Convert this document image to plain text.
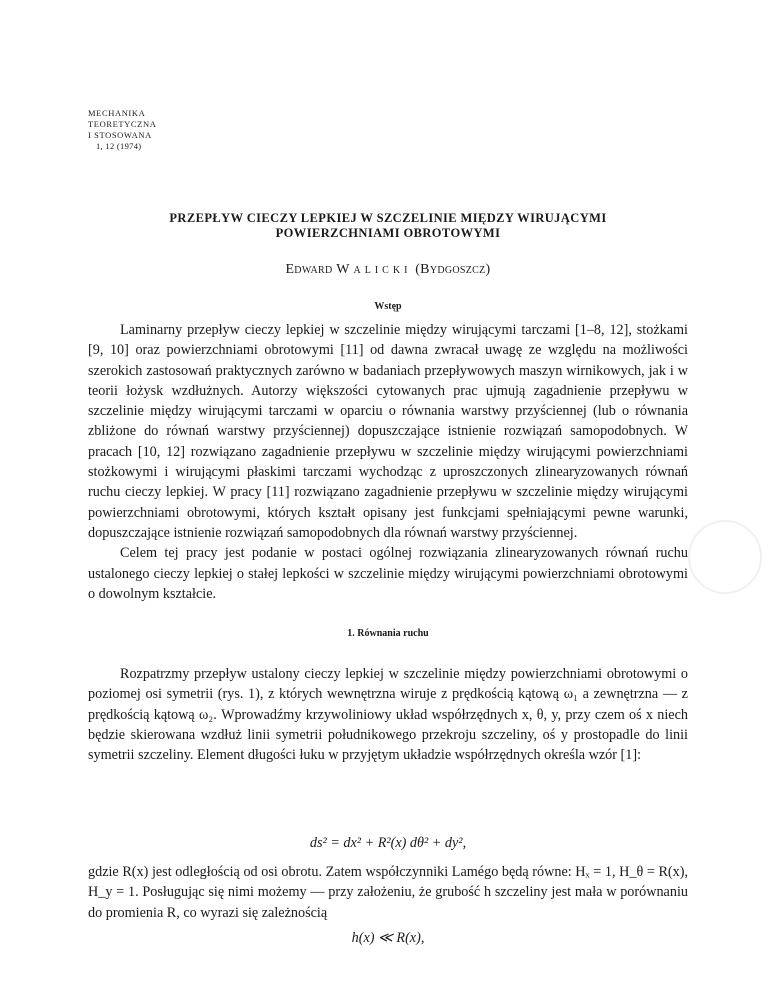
MECHANIKA
TEORETYCZNA
I STOSOWANA
1, 12 (1974)
PRZEPŁYW CIECZY LEPKIEJ W SZCZELINIE MIĘDZY WIRUJĄCYMI
POWIERZCHNIAMI OBROTOWYMI
Edward Walicki (Bydgoszcz)
Wstęp

Laminarny przepływ cieczy lepkiej w szczelinie między wirującymi tarczami [1–8, 12], stożkami [9, 10] oraz powierzchniami obrotowymi [11] od dawna zwracał uwagę ze względu na możliwości szerokich zastosowań praktycznych zarówno w badaniach przepływowych maszyn wirnikowych, jak i w teorii łożysk wzdłużnych. Autorzy większości cytowanych prac ujmują zagadnienie przepływu w szczelinie między wirującymi tarczami w oparciu o równania warstwy przyściennej (lub o równania zbliżone do równań warstwy przyściennej) dopuszczające istnienie rozwiązań samopodobnych. W pracach [10, 12] rozwiązano zagadnienie przepływu w szczelinie między wirującymi powierzchniami stożkowymi i wirującymi płaskimi tarczami wychodząc z uproszczonych zlinearyzowanych równań ruchu cieczy lepkiej. W pracy [11] rozwiązano zagadnienie przepływu w szczelinie między wirującymi powierzchniami obrotowymi, których kształt opisany jest funkcjami spełniającymi pewne warunki, dopuszczające istnienie rozwiązań samopodobnych dla równań warstwy przyściennej.

Celem tej pracy jest podanie w postaci ogólnej rozwiązania zlinearyzowanych równań ruchu ustalonego cieczy lepkiej o stałej lepkości w szczelinie między wirującymi powierzchniami obrotowymi o dowolnym kształcie.

1. Równania ruchu

Rozpatrzmy przepływ ustalony cieczy lepkiej w szczelinie między powierzchniami obrotowymi o poziomej osi symetrii (rys. 1), z których wewnętrzna wiruje z prędkością kątową ω₁ a zewnętrzna — z prędkością kątową ω₂. Wprowadźmy krzywoliniowy układ współrzędnych x, θ, y, przy czem oś x niech będzie skierowana wzdłuż linii symetrii południkowego przekroju szczeliny, oś y prostopadle do linii symetrii szczeliny. Element długości łuku w przyjętym układzie współrzędnych określa wzór [1]:

ds² = dx² + R²(x) dθ² + dy²,

gdzie R(x) jest odległością od osi obrotu. Zatem współczynniki Lamégo będą równe: Hₓ = 1, H_θ = R(x), H_y = 1. Posługując się nimi możemy — przy założeniu, że grubość h szczeliny jest mała w porównaniu do promienia R, co wyrazi się zależnością

h(x) ≪ R(x),
